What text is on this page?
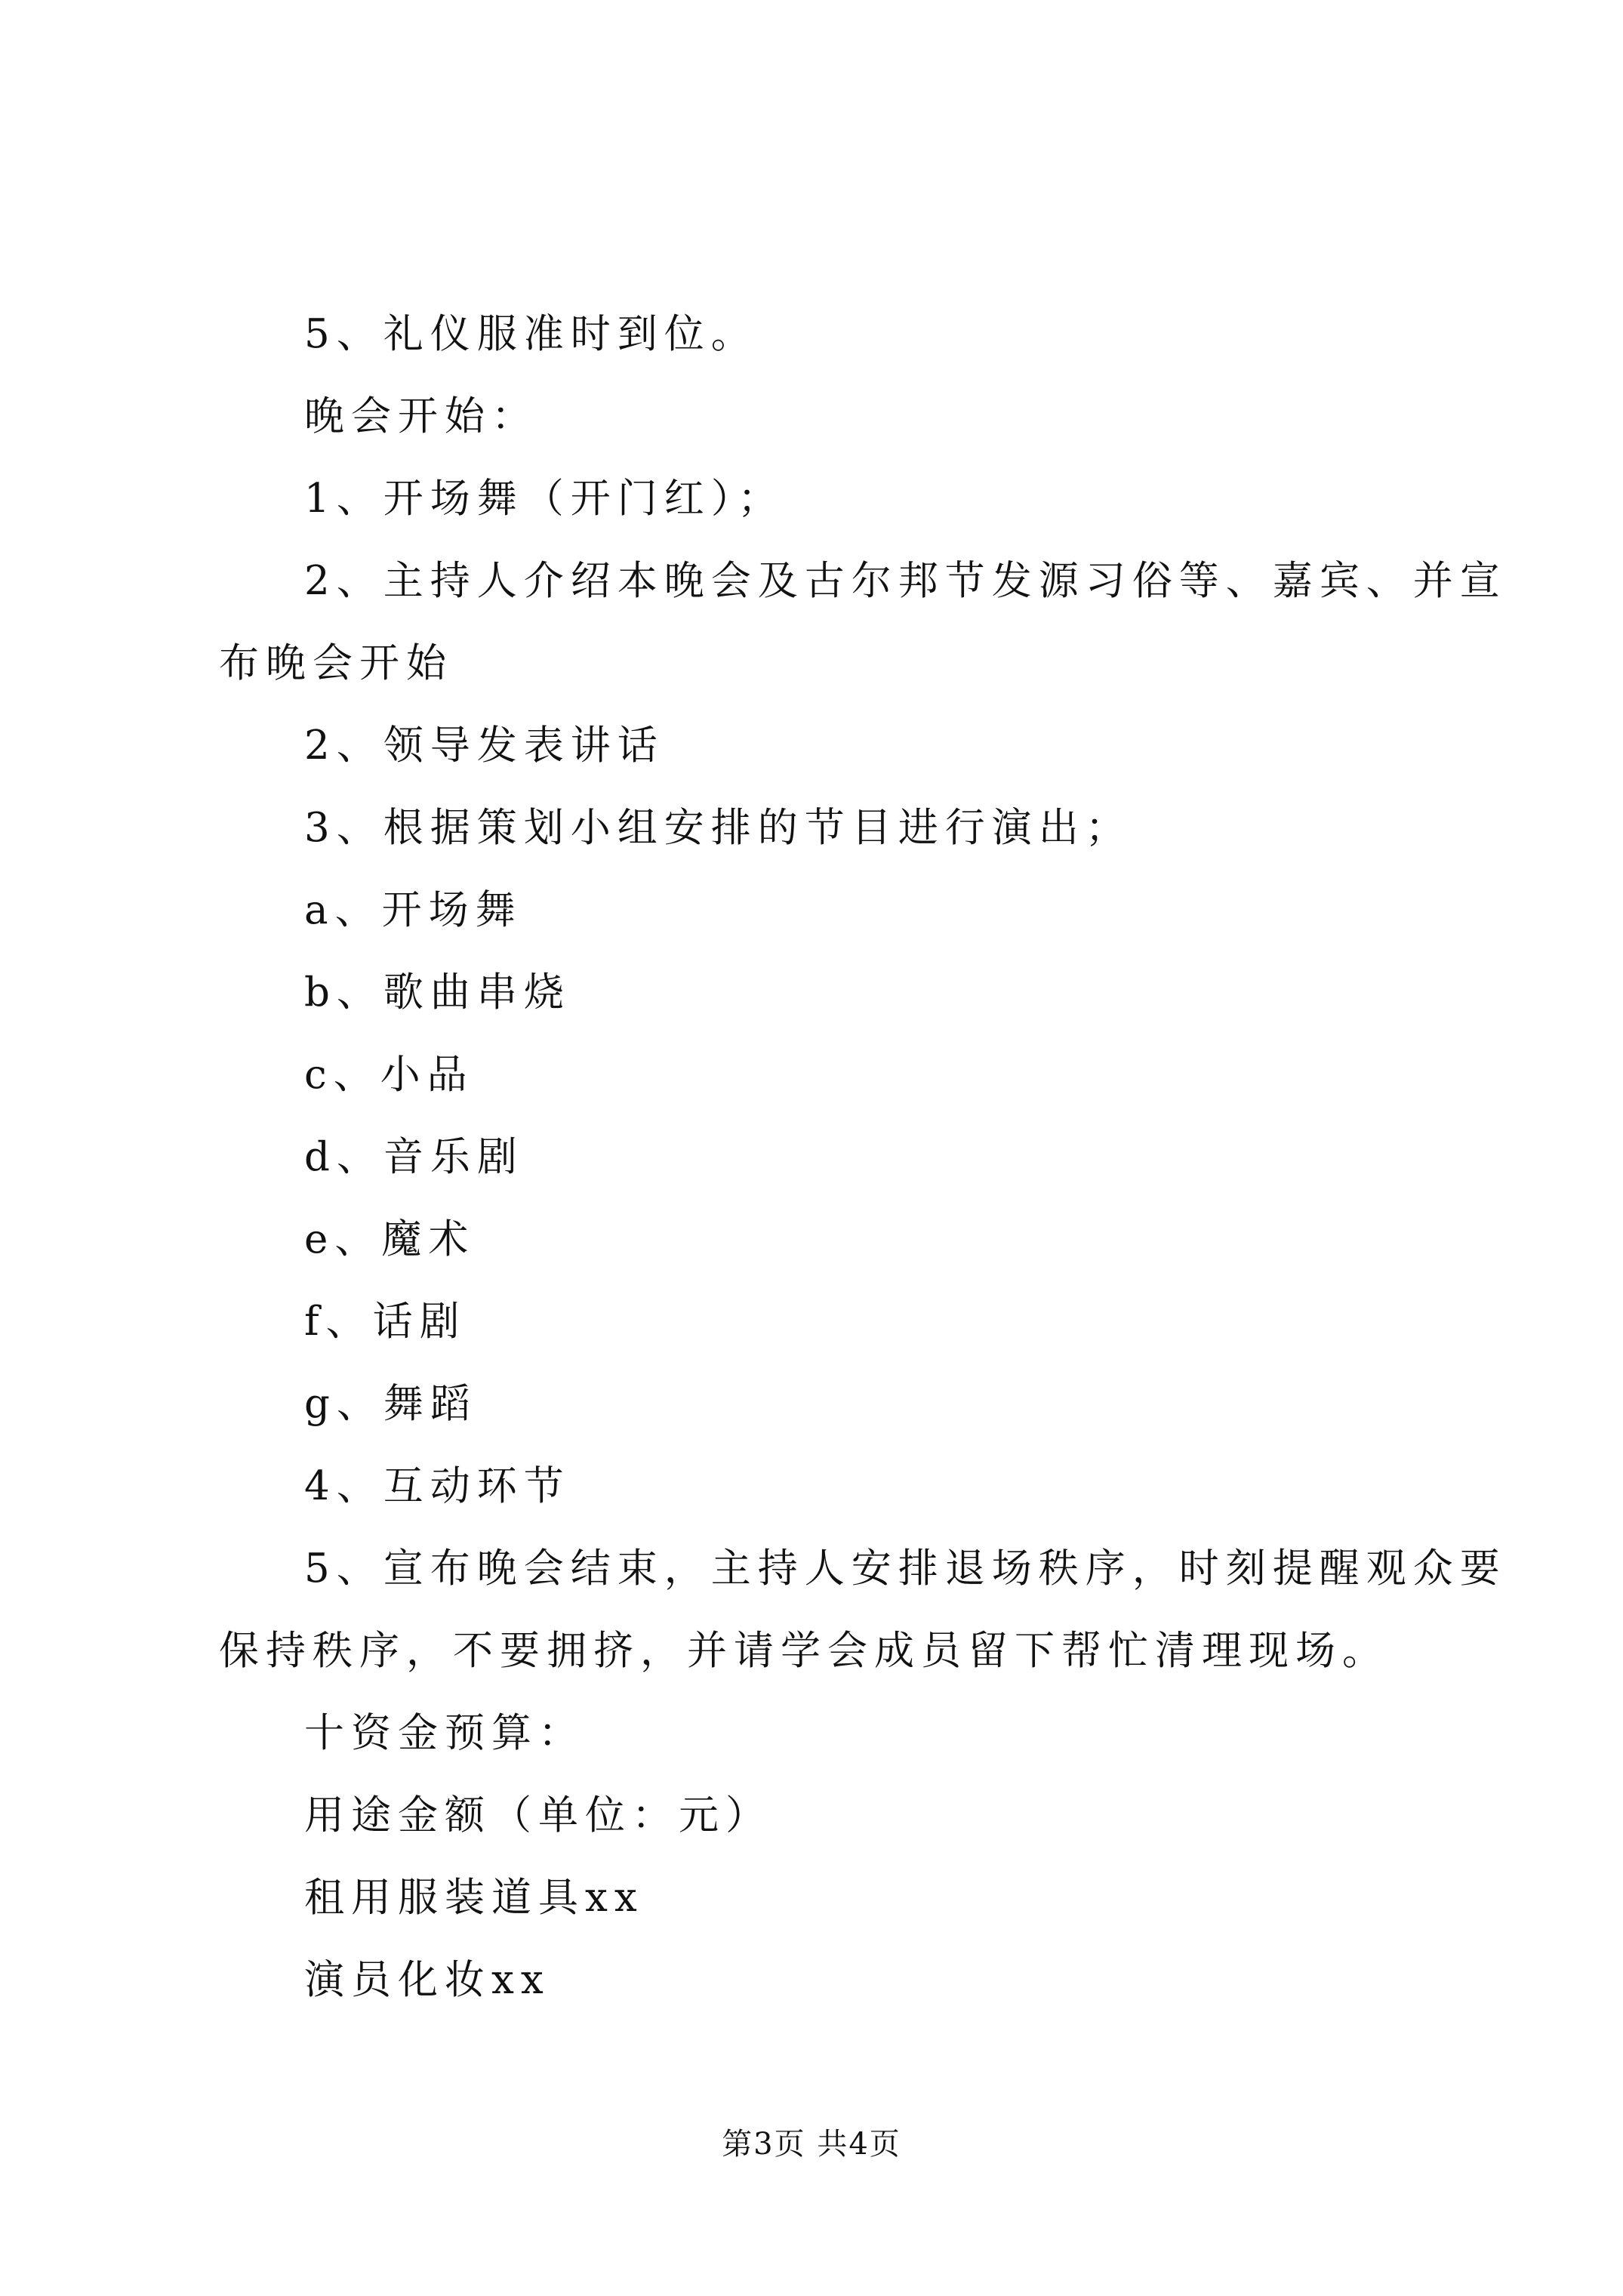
5、礼仪服准时到位。
晚会开始：
1、开场舞（开门红）；
2、主持人介绍本晚会及古尔邦节发源习俗等、嘉宾、并宣
布晚会开始
2、领导发表讲话
3、根据策划小组安排的节目进行演出；
a、开场舞
b、歌曲串烧
c、小品
d、音乐剧
e、魔术
f、话剧
g、舞蹈
4、互动环节
5、宣布晚会结束，主持人安排退场秩序，时刻提醒观众要
保持秩序，不要拥挤，并请学会成员留下帮忙清理现场。
十资金预算：
用途金额（单位：元）
租用服装道具xx
演员化妆xx
第3页 共4页
